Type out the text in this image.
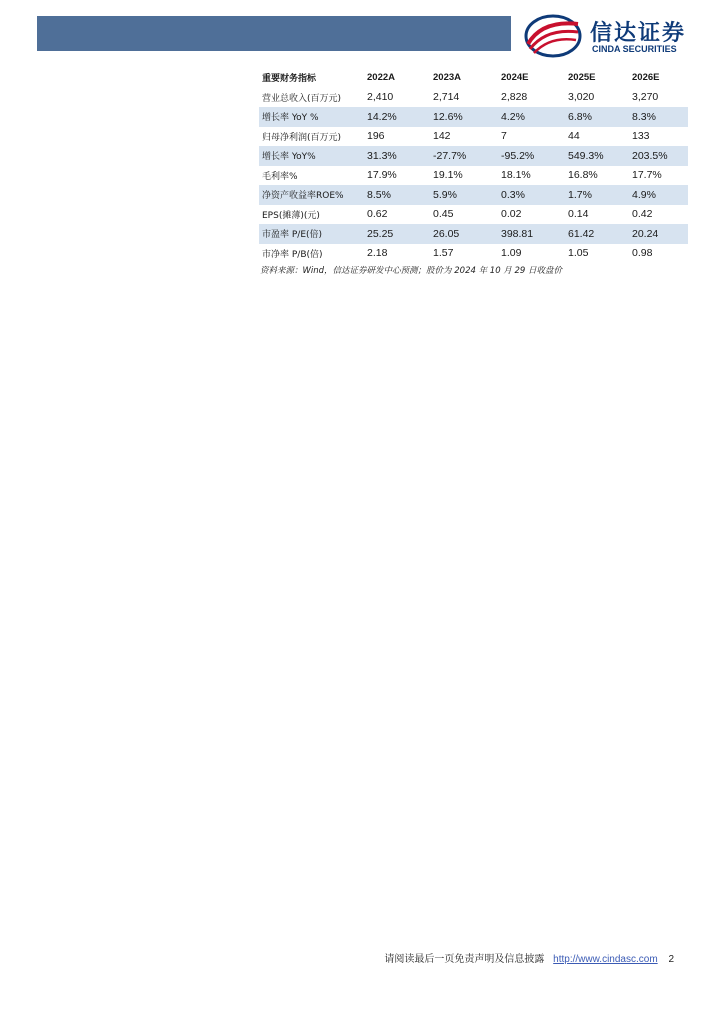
信达证券
CINDA SECURITIES
重要财务指标	2022A	2023A	2024E	2025E	2026E
营业总收入(百万元)	2,410	2,714	2,828	3,020	3,270
增长率 YoY %	14.2%	12.6%	4.2%	6.8%	8.3%
归母净利润(百万元)	196	142	7	44	133
增长率 YoY%	31.3%	-27.7%	-95.2%	549.3%	203.5%
毛利率%	17.9%	19.1%	18.1%	16.8%	17.7%
净资产收益率ROE%	8.5%	5.9%	0.3%	1.7%	4.9%
EPS(摊薄)(元)	0.62	0.45	0.02	0.14	0.42
市盈率 P/E(倍)	25.25	26.05	398.81	61.42	20.24
市净率 P/B(倍)	2.18	1.57	1.09	1.05	0.98
资料来源：Wind，信达证券研发中心预测；股价为 2024 年 10 月 29 日收盘价
请阅读最后一页免责声明及信息披露 http://www.cindasc.com 2
